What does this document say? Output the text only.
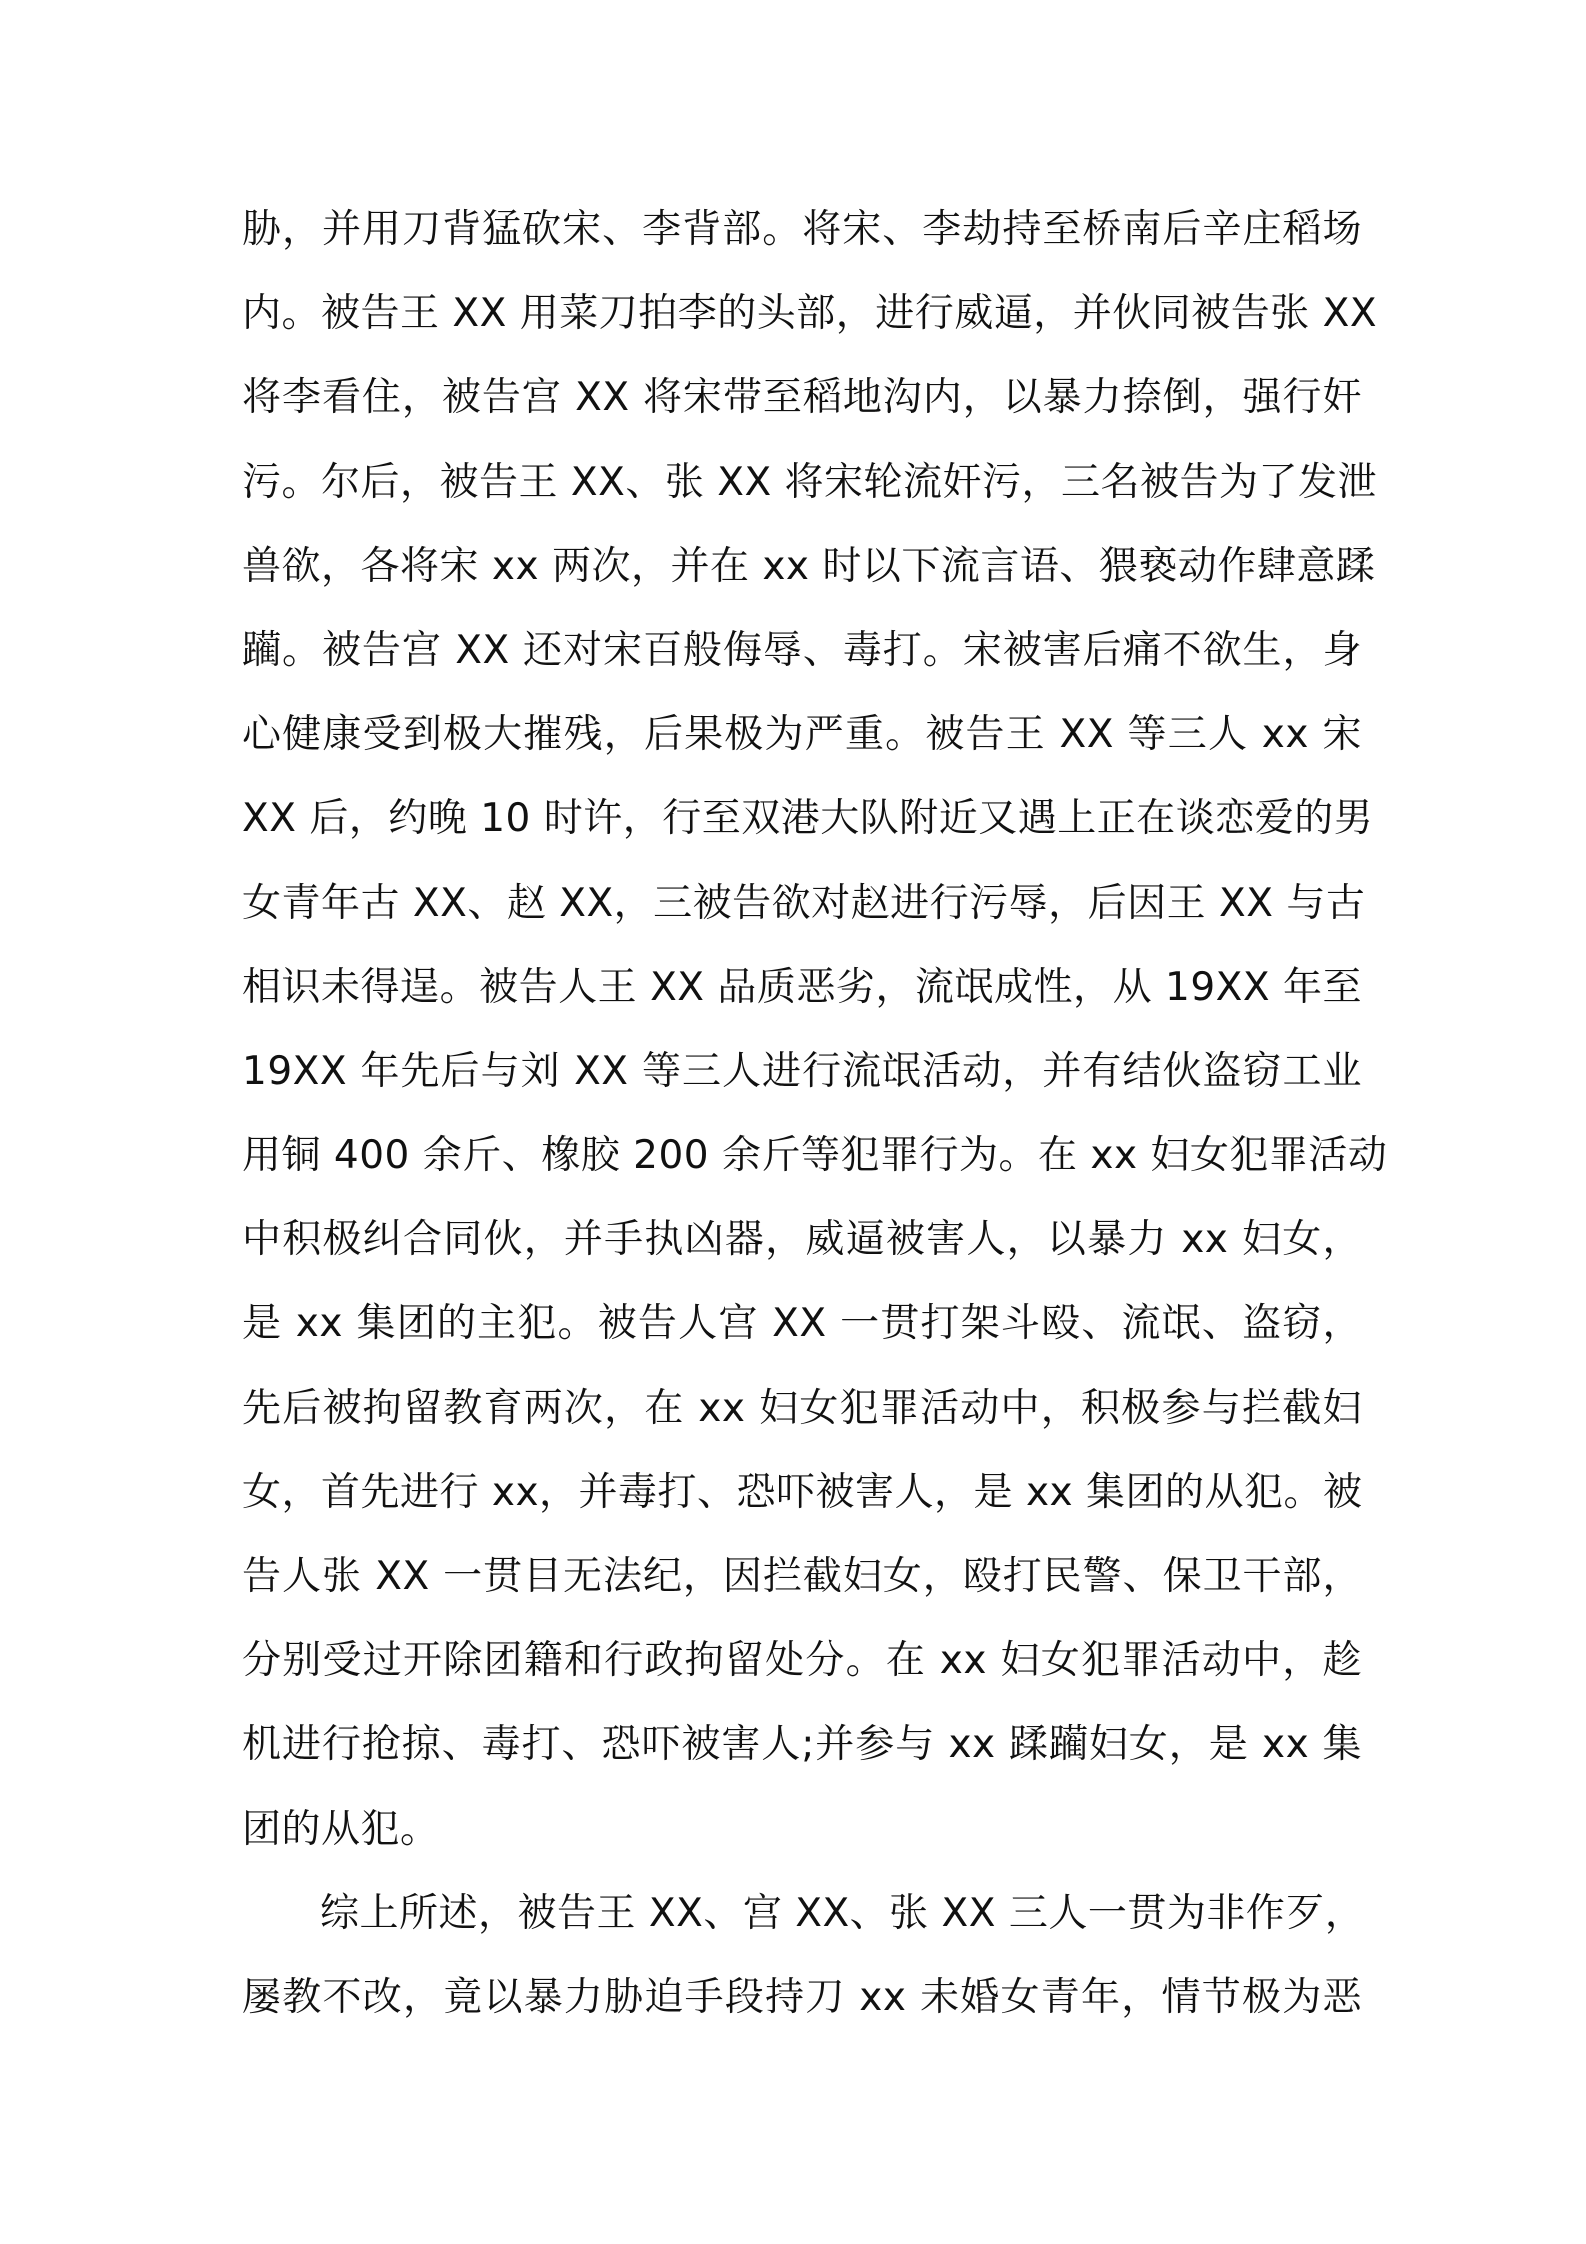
胁，并用刀背猛砍宋、李背部。将宋、李劫持至桥南后辛庄稻场
内。被告王 XX 用菜刀拍李的头部，进行威逼，并伙同被告张 XX
将李看住，被告宫 XX 将宋带至稻地沟内，以暴力捺倒，强行奸
污。尔后，被告王 XX、张 XX 将宋轮流奸污，三名被告为了发泄
兽欲，各将宋 xx 两次，并在 xx 时以下流言语、猥亵动作肆意蹂
躏。被告宫 XX 还对宋百般侮辱、毒打。宋被害后痛不欲生，身
心健康受到极大摧残，后果极为严重。被告王 XX 等三人 xx 宋
XX 后，约晚 10 时许，行至双港大队附近又遇上正在谈恋爱的男
女青年古 XX、赵 XX，三被告欲对赵进行污辱，后因王 XX 与古
相识未得逞。被告人王 XX 品质恶劣，流氓成性，从 19XX 年至
19XX 年先后与刘 XX 等三人进行流氓活动，并有结伙盗窃工业
用铜 400 余斤、橡胶 200 余斤等犯罪行为。在 xx 妇女犯罪活动
中积极纠合同伙，并手执凶器，威逼被害人，以暴力 xx 妇女，
是 xx 集团的主犯。被告人宫 XX 一贯打架斗殴、流氓、盗窃，
先后被拘留教育两次，在 xx 妇女犯罪活动中，积极参与拦截妇
女，首先进行 xx，并毒打、恐吓被害人，是 xx 集团的从犯。被
告人张 XX 一贯目无法纪，因拦截妇女，殴打民警、保卫干部，
分别受过开除团籍和行政拘留处分。在 xx 妇女犯罪活动中，趁
机进行抢掠、毒打、恐吓被害人;并参与 xx 蹂躏妇女，是 xx 集
团的从犯。
综上所述，被告王 XX、宫 XX、张 XX 三人一贯为非作歹，
屡教不改，竟以暴力胁迫手段持刀 xx 未婚女青年，情节极为恶
